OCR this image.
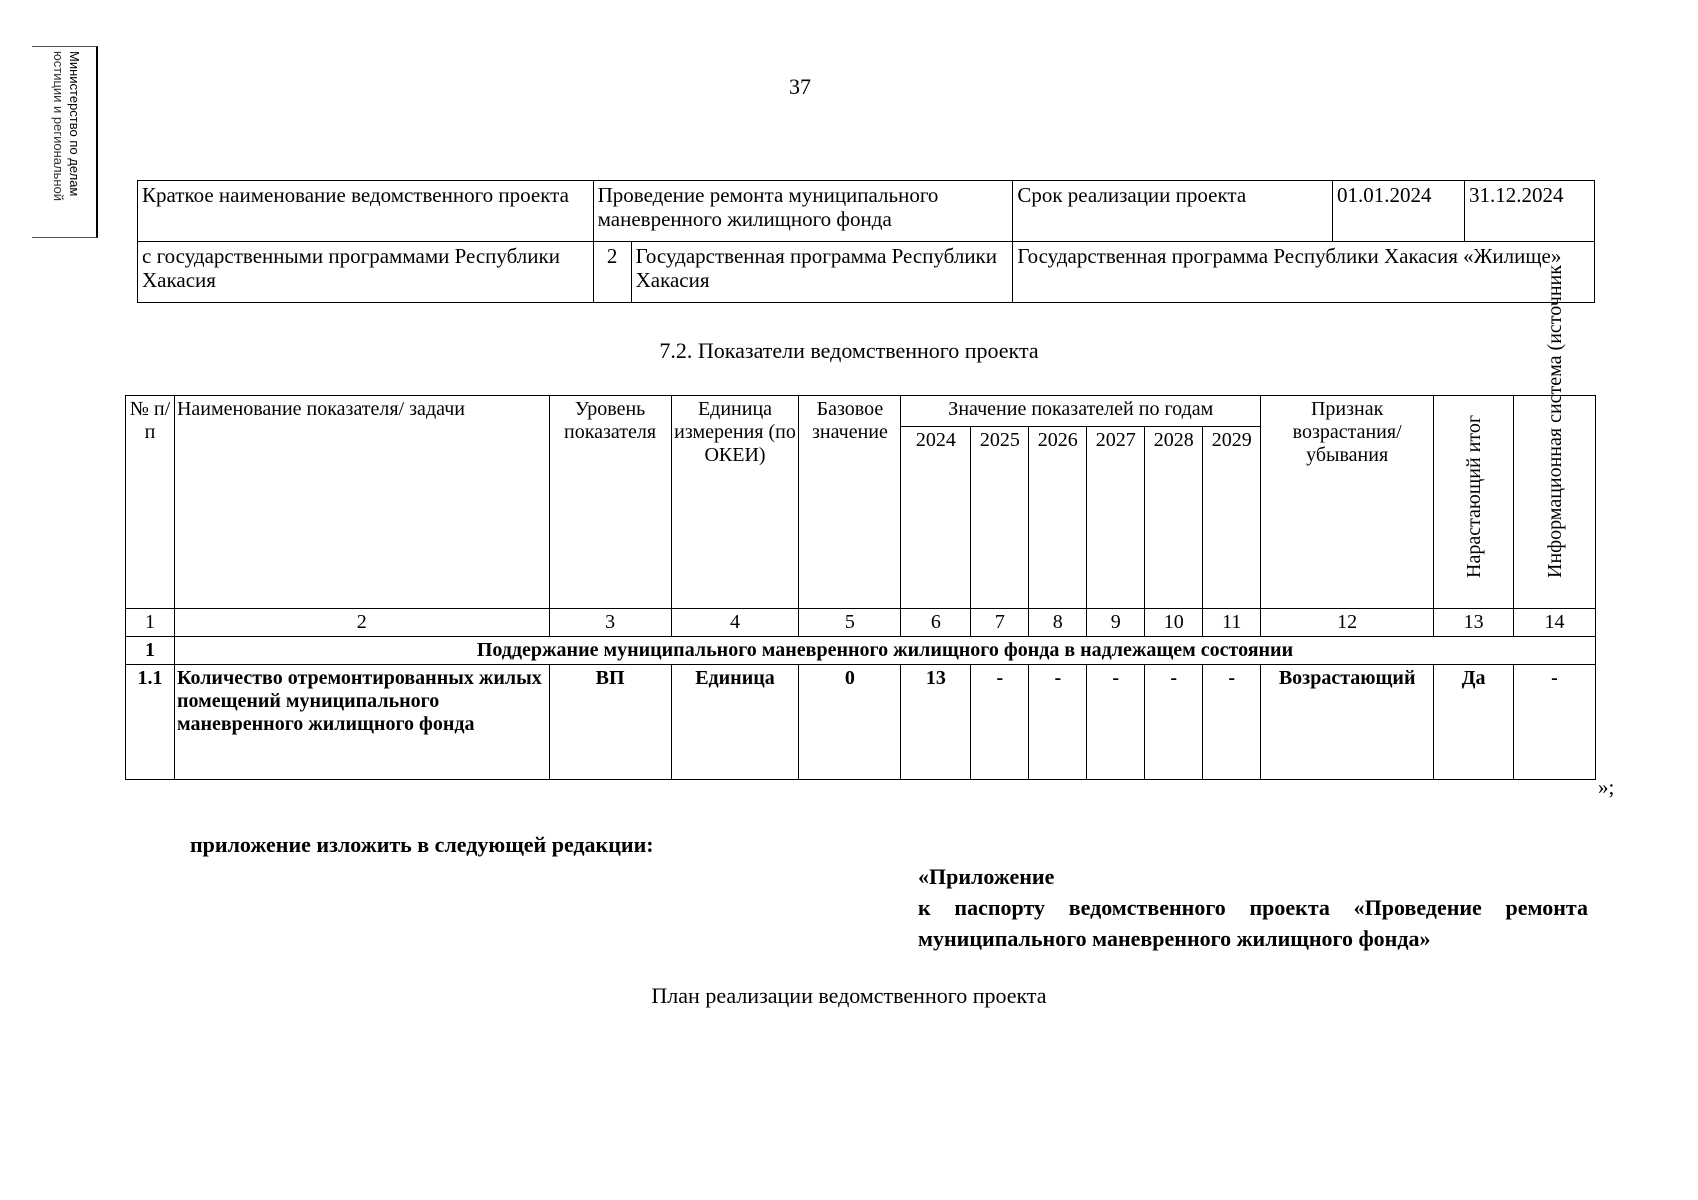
Министерство по делам
юстиции и региональной	37
Краткое наименование ведомственного проекта	Проведение ремонта муниципального маневренного жилищного фонда		Срок реализации проекта	01.01.2024	31.12.2024
с государственными программами Республики Хакасия	2	Государственная программа Республики Хакасия	Государственная программа Республики Хакасия «Жилище»		
7.2. Показатели ведомственного проекта
№ п/п	Наименование показателя/ задачи	Уровень показателя	Единица измерения (по ОКЕИ)	Базовое значение	Значение показателей по годам						Признак возрастания/ убывания	Нарастающий итог	Информационная система (источник

					2024	2025	2026	2027	2028	2029			
1	2	3	4	5	6	7	8	9	10	11	12	13	14
1	Поддержание муниципального маневренного жилищного фонда в надлежащем состоянии												
1.1	Количество отремонтированных жилых помещений муниципального маневренного жилищного фонда	ВП	Единица	0	13	-	-	-	-	-	Возрастающий	Да	-
»;
приложение изложить в следующей редакции:
«Приложение
к паспорту ведомственного проекта «Проведение ремонта
муниципального маневренного жилищного фонда»
План реализации ведомственного проекта
